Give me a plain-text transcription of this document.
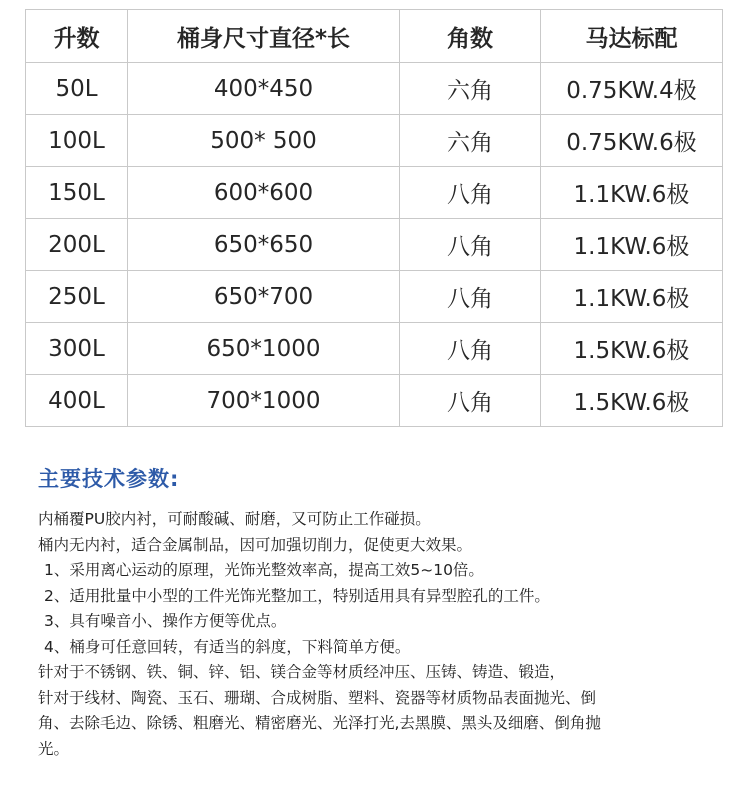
升数	桶身尺寸直径*长	角数	马达标配
50L	400*450	六角	0.75KW.4极
100L	500* 500	六角	0.75KW.6极
150L	600*600	八角	1.1KW.6极
200L	650*650	八角	1.1KW.6极
250L	650*700	八角	1.1KW.6极
300L	650*1000	八角	1.5KW.6极
400L	700*1000	八角	1.5KW.6极
主要技术参数:

内桶覆PU胶内衬，可耐酸碱、耐磨，又可防止工作碰损。

桶内无内衬，适合金属制品，因可加强切削力，促使更大效果。

1、采用离心运动的原理，光饰光整效率高，提高工效5~10倍。

2、适用批量中小型的工件光饰光整加工，特别适用具有异型腔孔的工件。

3、具有噪音小、操作方便等优点。

4、桶身可任意回转，有适当的斜度，下料简单方便。

针对于不锈钢、铁、铜、锌、铝、镁合金等材质经冲压、压铸、铸造、锻造，

针对于线材、陶瓷、玉石、珊瑚、合成树脂、塑料、瓷器等材质物品表面抛光、倒

角、去除毛边、除锈、粗磨光、精密磨光、光泽打光,去黑膜、黑头及细磨、倒角抛

光。
